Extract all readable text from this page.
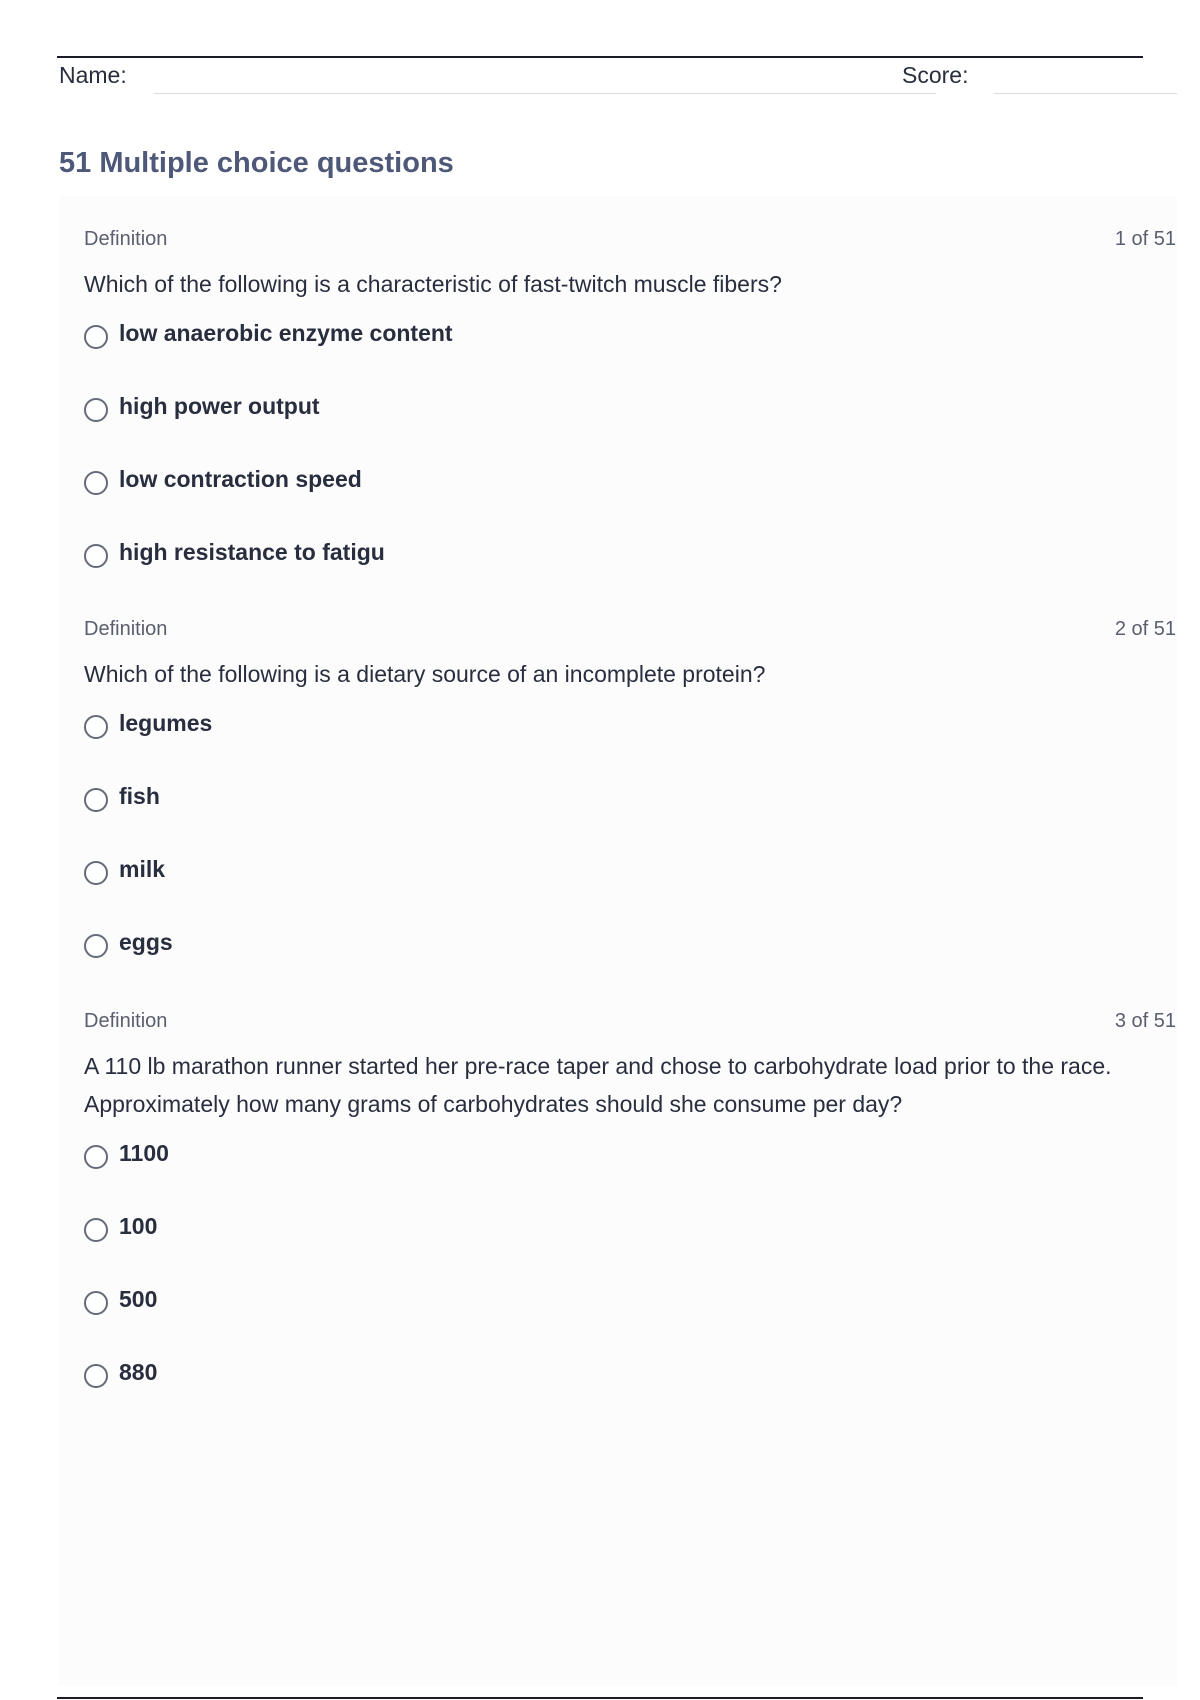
Name:	Score:
51 Multiple choice questions
Definition	1 of 51

Which of the following is a characteristic of fast-twitch muscle fibers?

low anaerobic enzyme content
high power output
low contraction speed
high resistance to fatigu
Definition	2 of 51

Which of the following is a dietary source of an incomplete protein?

legumes
fish
milk
eggs
Definition	3 of 51

A 110 lb marathon runner started her pre-race taper and chose to carbohydrate load prior to the race. Approximately how many grams of carbohydrates should she consume per day?

1100
100
500
880
